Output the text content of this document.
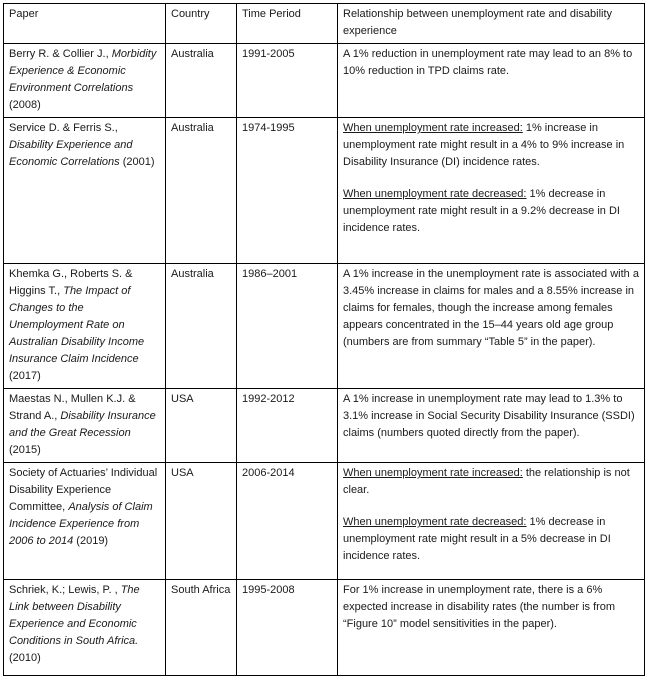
Paper	Country	Time Period	Relationship between unemployment rate and disability experience
Berry R. & Collier J., Morbidity Experience & Economic Environment Correlations (2008)	Australia	1991-2005	A 1% reduction in unemployment rate may lead to an 8% to 10% reduction in TPD claims rate.

Service D. & Ferris S., Disability Experience and Economic Correlations (2001)	Australia	1974-1995	When unemployment rate increased: 1% increase in unemployment rate might result in a 4% to 9% increase in Disability Insurance (DI) incidence rates.

When unemployment rate decreased: 1% decrease in unemployment rate might result in a 9.2% decrease in DI incidence rates.

Khemka G., Roberts S. & Higgins T., The Impact of Changes to the Unemployment Rate on Australian Disability Income Insurance Claim Incidence (2017)	Australia	1986–2001	A 1% increase in the unemployment rate is associated with a 3.45% increase in claims for males and a 8.55% increase in claims for females, though the increase among females appears concentrated in the 15–44 years old age group (numbers are from summary “Table 5” in the paper).

Maestas N., Mullen K.J. & Strand A., Disability Insurance and the Great Recession (2015)	USA	1992-2012	A 1% increase in unemployment rate may lead to 1.3% to 3.1% increase in Social Security Disability Insurance (SSDI) claims (numbers quoted directly from the paper).

Society of Actuaries’ Individual Disability Experience Committee, Analysis of Claim Incidence Experience from 2006 to 2014 (2019)	USA	2006-2014	When unemployment rate increased: the relationship is not clear.

When unemployment rate decreased: 1% decrease in unemployment rate might result in a 5% decrease in DI incidence rates.

Schriek, K.; Lewis, P. , The Link between Disability Experience and Economic Conditions in South Africa. (2010)	South Africa	1995-2008	For 1% increase in unemployment rate, there is a 6% expected increase in disability rates (the number is from “Figure 10” model sensitivities in the paper).
